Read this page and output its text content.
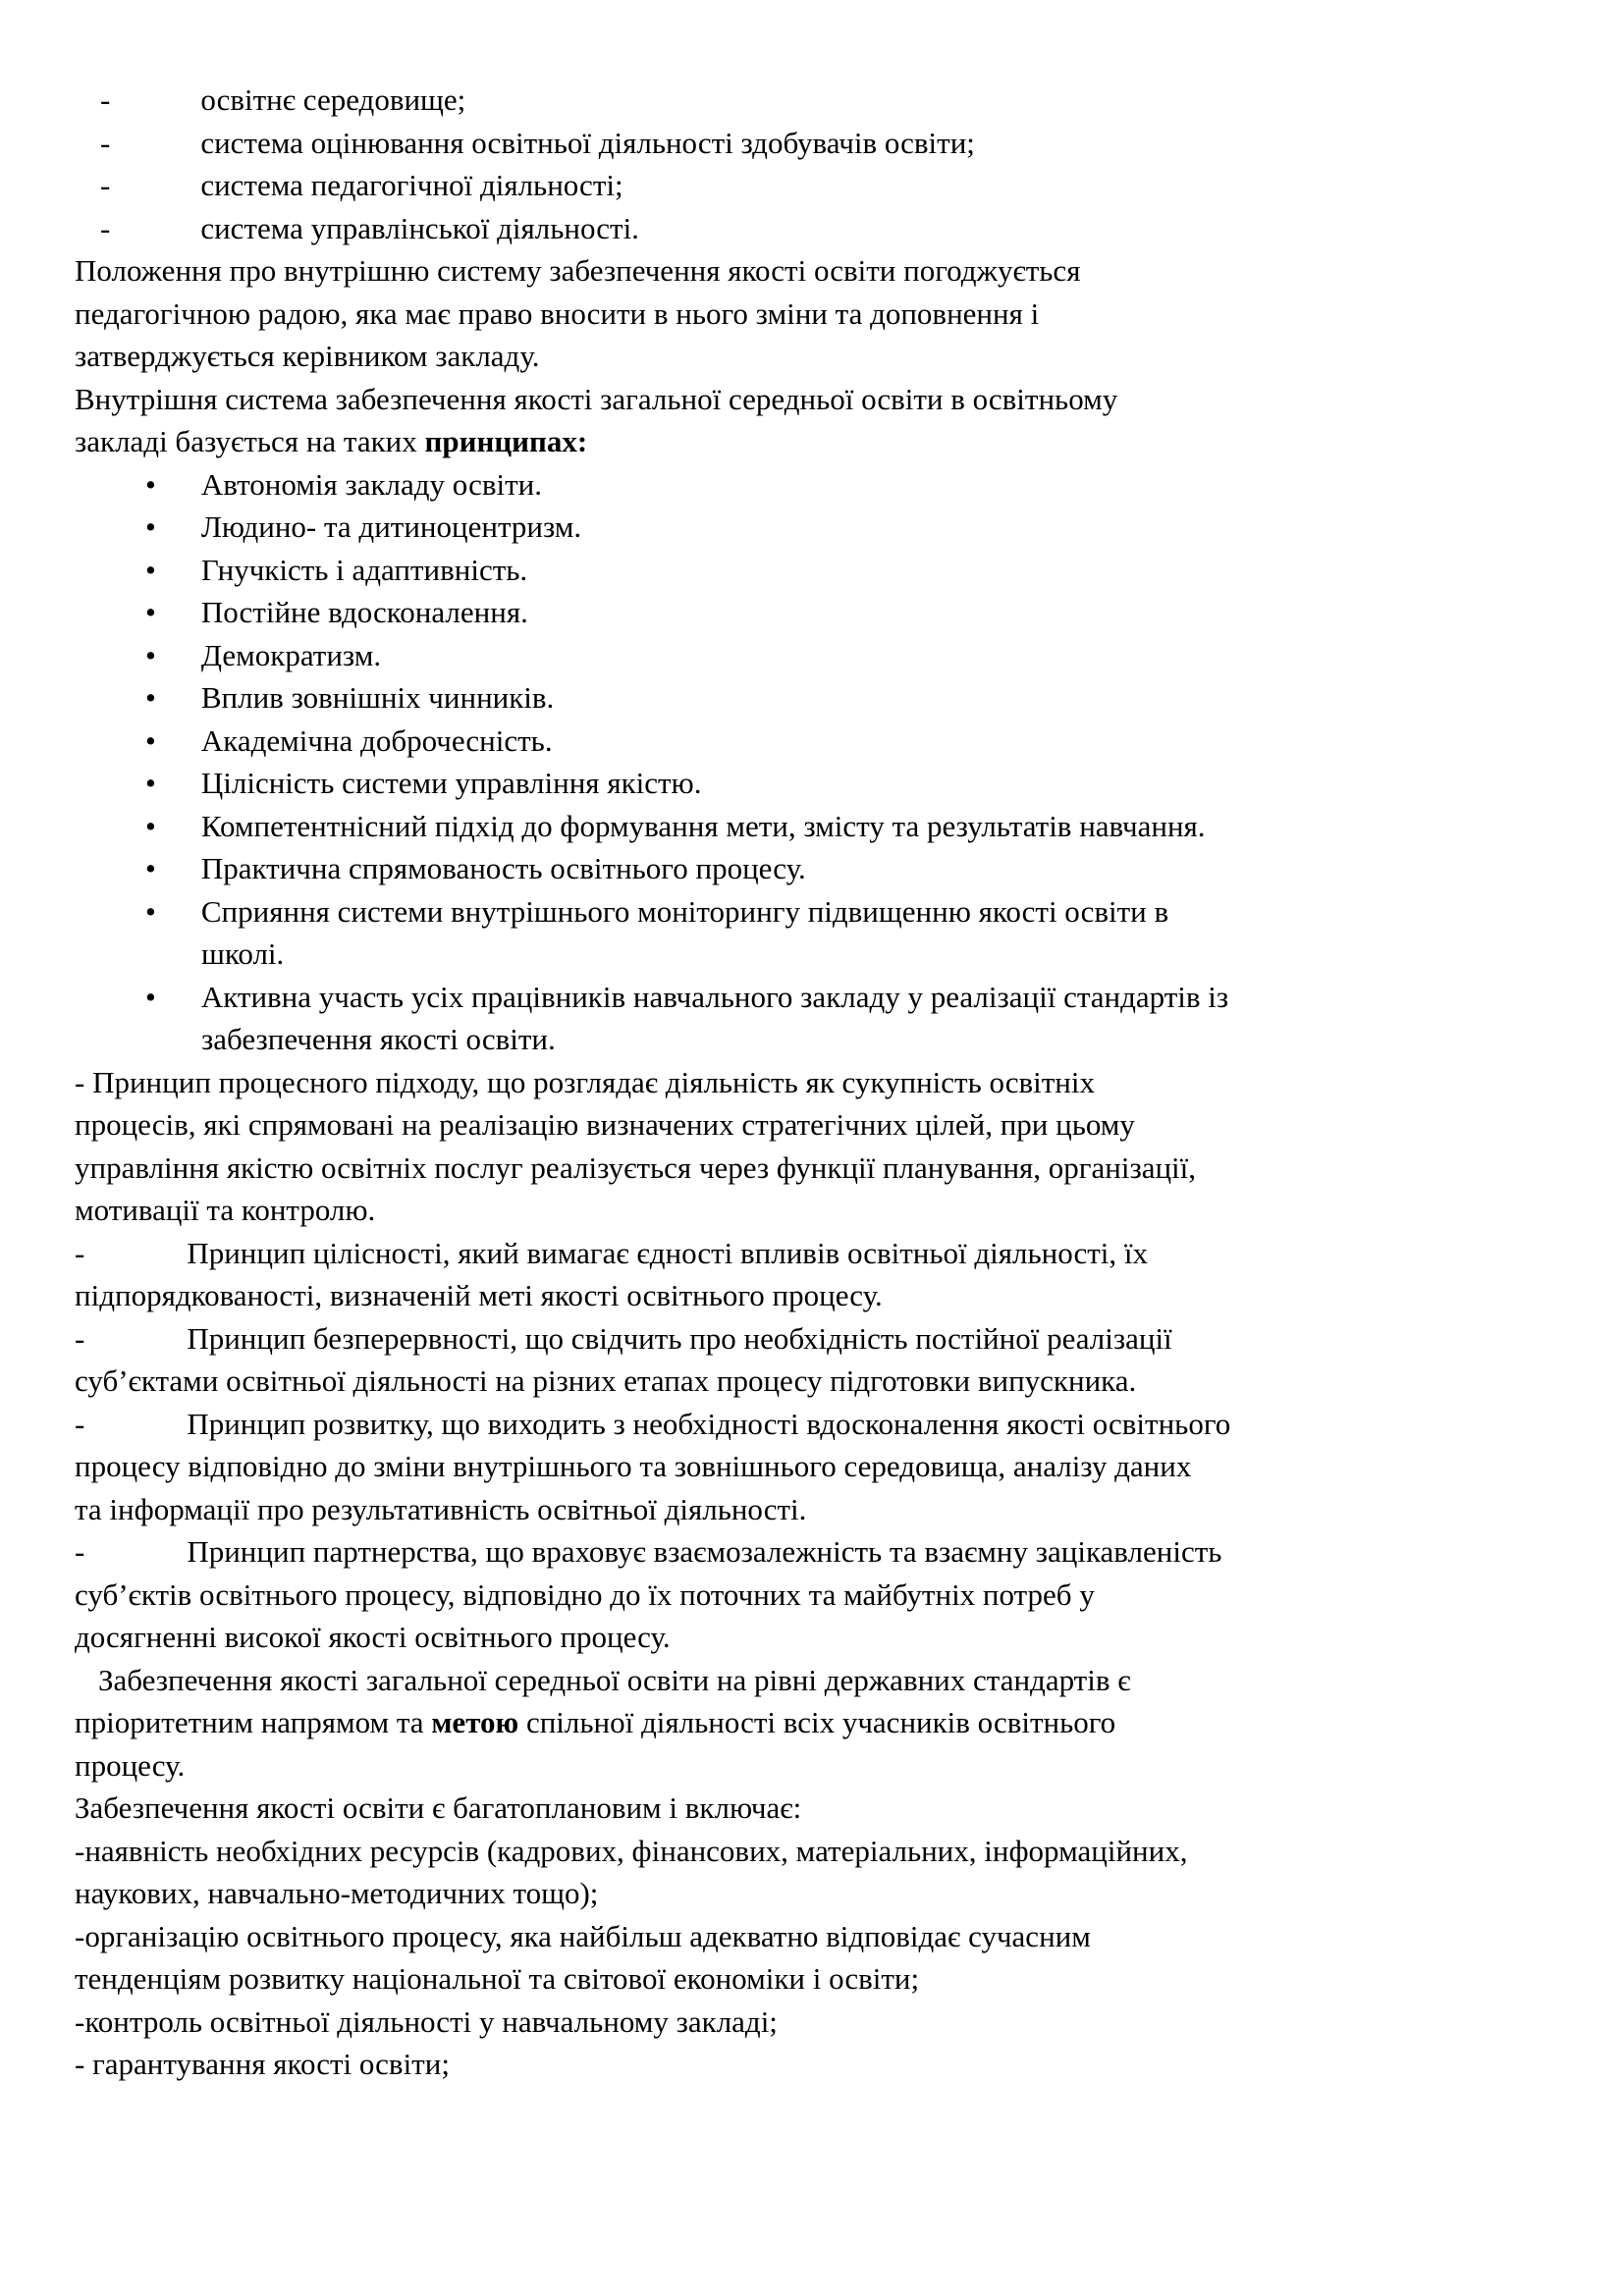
-	освітнє середовище;
-	система оцінювання освітньої діяльності здобувачів освіти;
-	система педагогічної діяльності;
-	система управлінської діяльності.
Положення про внутрішню систему забезпечення якості освіти погоджується
педагогічною радою, яка має право вносити в нього зміни та доповнення і
затверджується керівником закладу.
Внутрішня система забезпечення якості загальної середньої освіти в освітньому
закладі базується на таких принципах:
• Автономія закладу освіти.
• Людино- та дитиноцентризм.
• Гнучкість і адаптивність.
• Постійне вдосконалення.
• Демократизм.
• Вплив зовнішніх чинників.
• Академічна доброчесність.
• Цілісність системи управління якістю.
• Компетентнісний підхід до формування мети, змісту та результатів навчання.
• Практична спрямованость освітнього процесу.
• Сприяння системи внутрішнього моніторингу підвищенню якості освіти в
школі.
• Активна участь усіх працівників навчального закладу у реалізації стандартів із
забезпечення якості освіти.
- Принцип процесного підходу, що розглядає діяльність як сукупність освітніх
процесів, які спрямовані на реалізацію визначених стратегічних цілей, при цьому
управління якістю освітніх послуг реалізується через функції планування, організації,
мотивації та контролю.
-	Принцип цілісності, який вимагає єдності впливів освітньої діяльності, їх
підпорядкованості, визначеній меті якості освітнього процесу.
-	Принцип безперервності, що свідчить про необхідність постійної реалізації
суб’єктами освітньої діяльності на різних етапах процесу підготовки випускника.
-	Принцип розвитку, що виходить з необхідності вдосконалення якості освітнього
процесу відповідно до зміни внутрішнього та зовнішнього середовища, аналізу даних
та інформації про результативність освітньої діяльності.
-	Принцип партнерства, що враховує взаємозалежність та взаємну зацікавленість
суб’єктів освітнього процесу, відповідно до їх поточних та майбутніх потреб у
досягненні високої якості освітнього процесу.
Забезпечення якості загальної середньої освіти на рівні державних стандартів є
пріоритетним напрямом та метою спільної діяльності всіх учасників освітнього
процесу.
Забезпечення якості освіти є багатоплановим і включає:
-наявність необхідних ресурсів (кадрових, фінансових, матеріальних, інформаційних,
наукових, навчально-методичних тощо);
-організацію освітнього процесу, яка найбільш адекватно відповідає сучасним
тенденціям розвитку національної та світової економіки і освіти;
-контроль освітньої діяльності у навчальному закладі;
- гарантування якості освіти;
